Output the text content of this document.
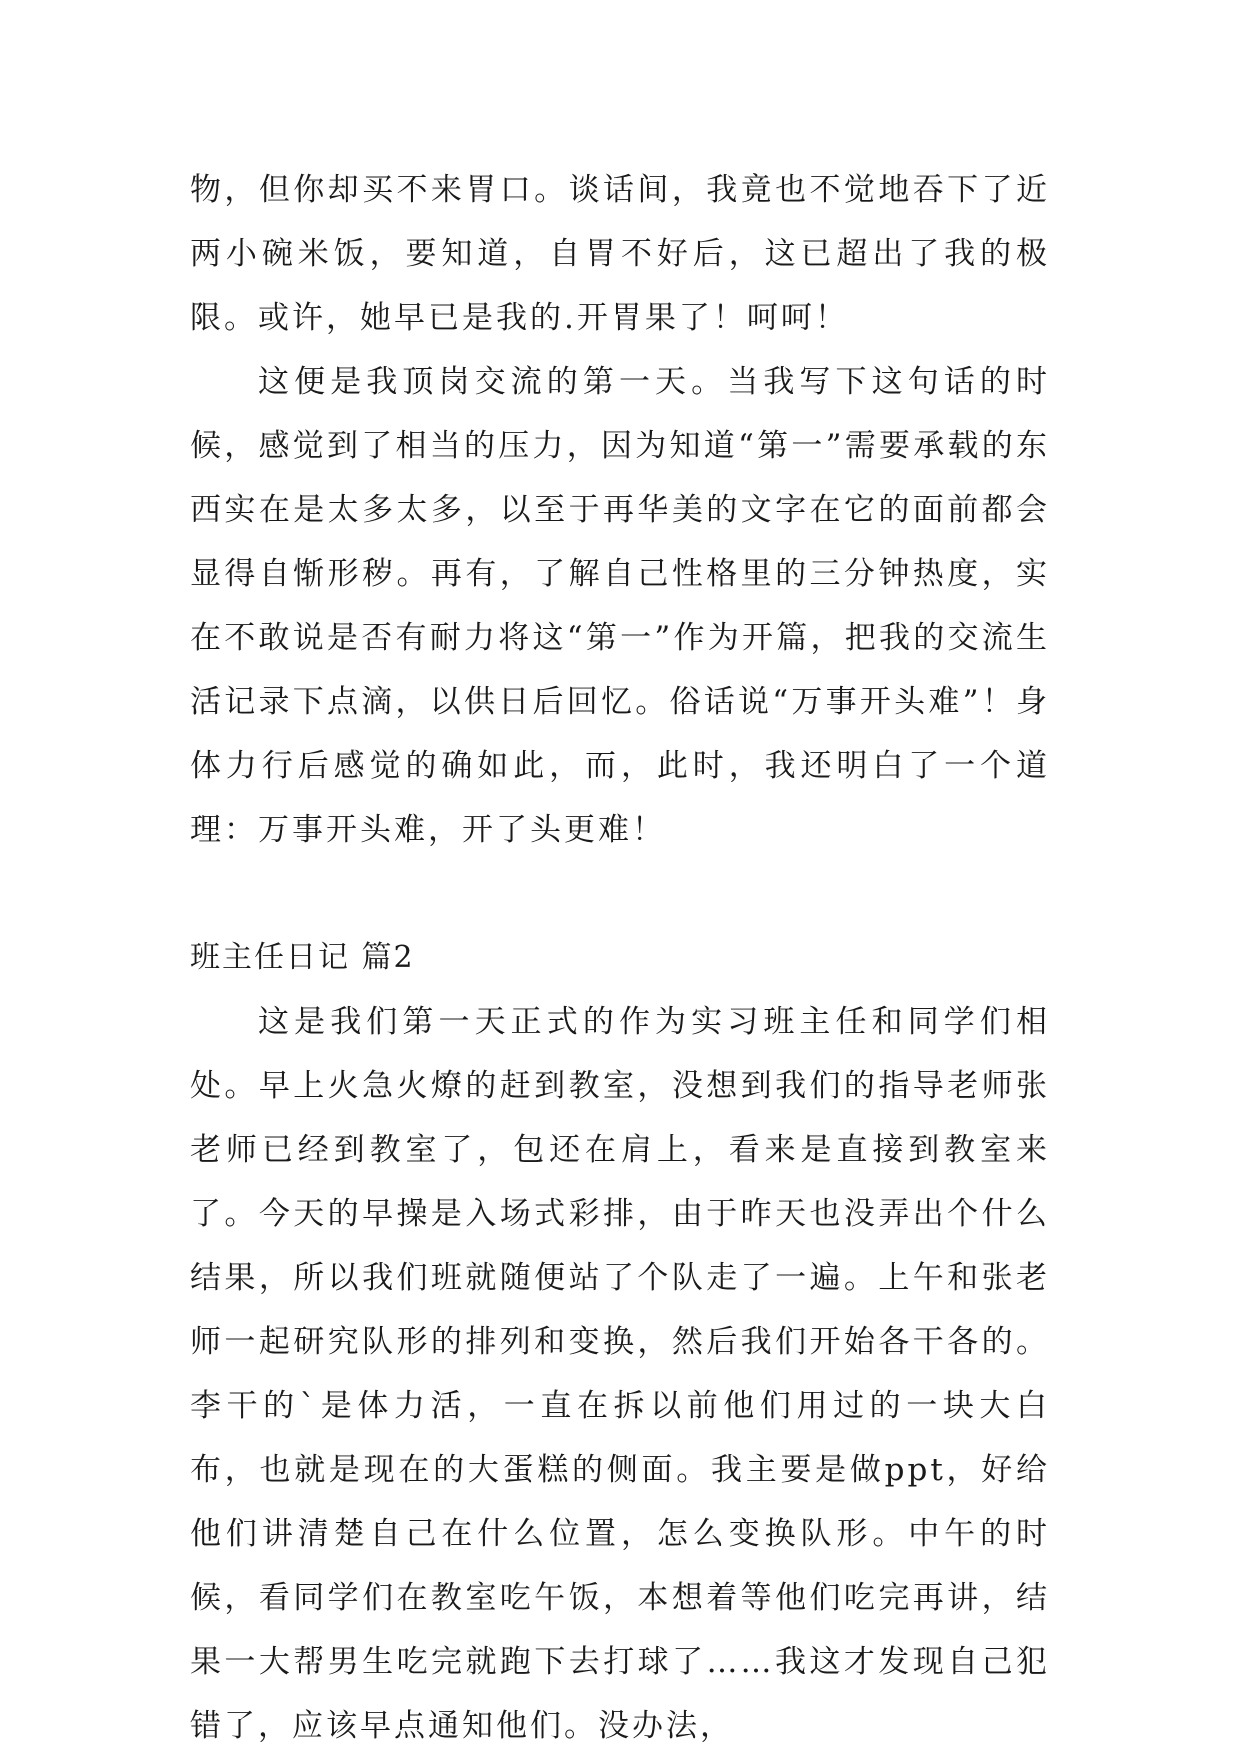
物，但你却买不来胃口。谈话间，我竟也不觉地吞下了近两小碗米饭，要知道，自胃不好后，这已超出了我的极限。或许，她早已是我的.开胃果了！呵呵！

这便是我顶岗交流的第一天。当我写下这句话的时候，感觉到了相当的压力，因为知道“第一”需要承载的东西实在是太多太多，以至于再华美的文字在它的面前都会显得自惭形秽。再有，了解自己性格里的三分钟热度，实在不敢说是否有耐力将这“第一”作为开篇，把我的交流生活记录下点滴，以供日后回忆。俗话说“万事开头难”！身体力行后感觉的确如此，而，此时，我还明白了一个道理：万事开头难，开了头更难！

班主任日记 篇2

这是我们第一天正式的作为实习班主任和同学们相处。早上火急火燎的赶到教室，没想到我们的指导老师张老师已经到教室了，包还在肩上，看来是直接到教室来了。今天的早操是入场式彩排，由于昨天也没弄出个什么结果，所以我们班就随便站了个队走了一遍。上午和张老师一起研究队形的排列和变换，然后我们开始各干各的。李干的`是体力活，一直在拆以前他们用过的一块大白布，也就是现在的大蛋糕的侧面。我主要是做ppt，好给他们讲清楚自己在什么位置，怎么变换队形。中午的时候，看同学们在教室吃午饭，本想着等他们吃完再讲，结果一大帮男生吃完就跑下去打球了……我这才发现自己犯错了，应该早点通知他们。没办法，
